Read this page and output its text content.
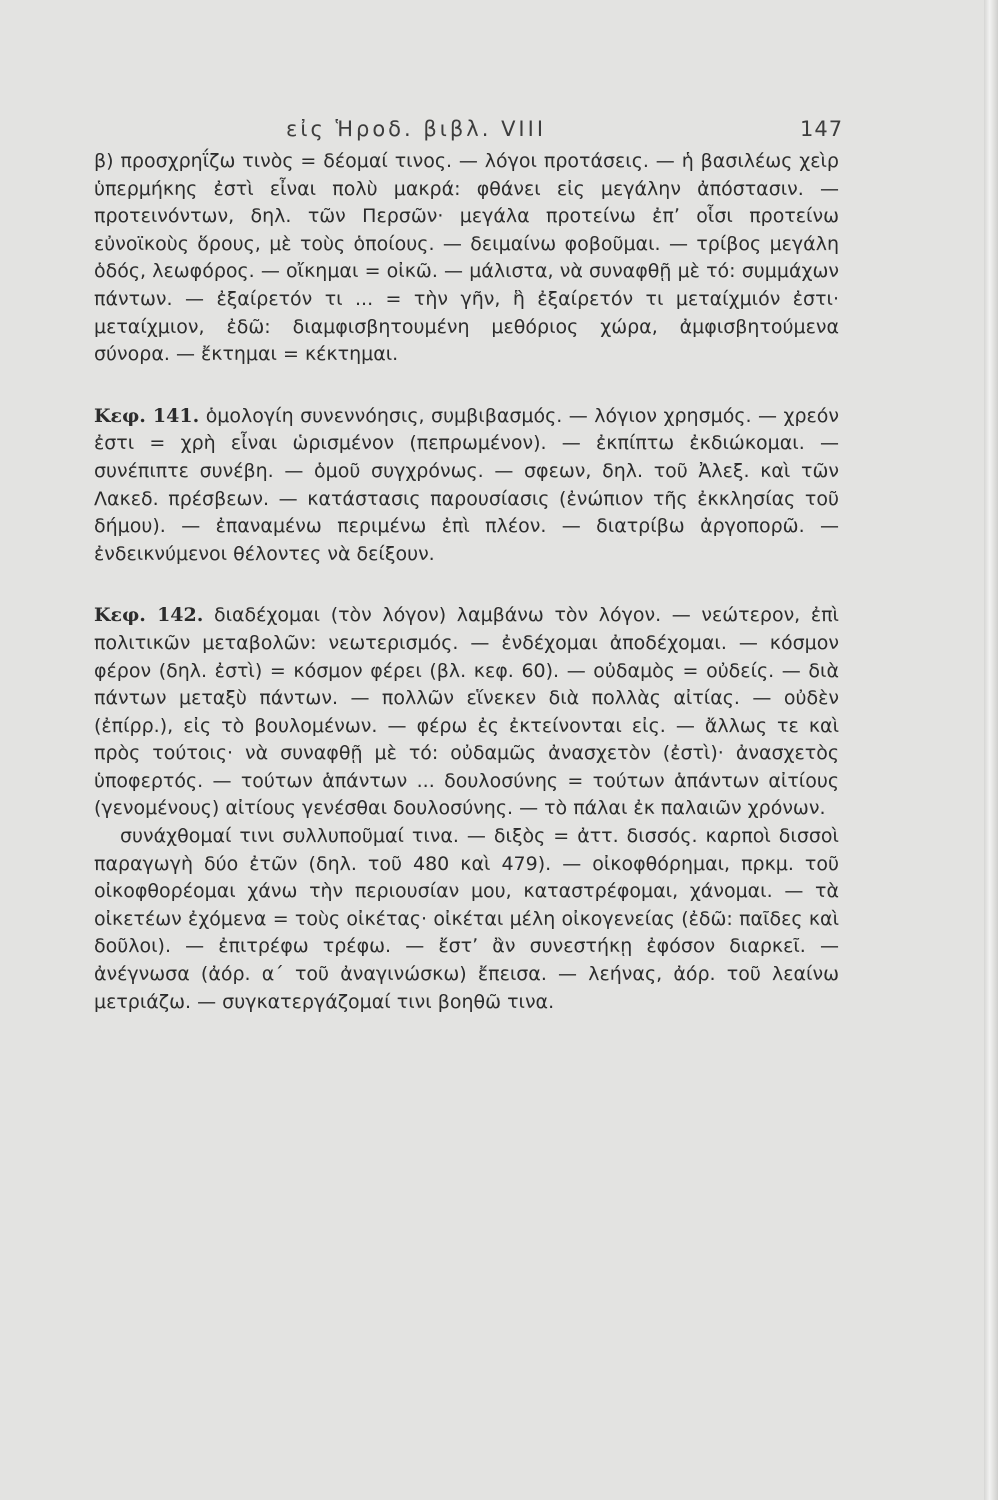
εἰς Ἡροδ. βιβλ. VIII	147

β) προσχρηΐζω τινὸς = δέομαί τινος. — λόγοι προτάσεις. — ἡ βασιλέως χεὶρ ὑπερμήκης ἐστὶ εἶναι πολὺ μακρά: φθάνει εἰς μεγάλην ἀπόστασιν. — προτεινόντων, δηλ. τῶν Περσῶν· μεγάλα προτείνω ἐπʼ οἷσι προτείνω εὐνοϊκοὺς ὅρους, μὲ τοὺς ὁποίους. — δειμαίνω φοβοῦμαι. — τρίβος μεγάλη ὁδός, λεωφόρος. — οἴκημαι = οἰκῶ. — μάλιστα, νὰ συναφθῇ μὲ τό: συμμάχων πάντων. — ἐξαίρετόν τι ... = τὴν γῆν, ἣ ἐξαίρετόν τι μεταίχμιόν ἐστι· μεταίχμιον, ἐδῶ: διαμφισβητουμένη μεθόριος χώρα, ἀμφισβητούμενα σύνορα. — ἔκτημαι = κέκτημαι.

Κεφ. 141. ὁμολογίη συνεννόησις, συμβιβασμός. — λόγιον χρησμός. — χρεόν ἐστι = χρὴ εἶναι ὡρισμένον (πεπρωμένον). — ἐκπίπτω ἐκδιώκομαι. — συνέπιπτε συνέβη. — ὁμοῦ συγχρόνως. — σφεων, δηλ. τοῦ Ἀλεξ. καὶ τῶν Λακεδ. πρέσβεων. — κατάστασις παρουσίασις (ἐνώπιον τῆς ἐκκλησίας τοῦ δήμου). — ἐπαναμένω περιμένω ἐπὶ πλέον. — διατρίβω ἀργοπορῶ. — ἐνδεικνύμενοι θέλοντες νὰ δείξουν.

Κεφ. 142. διαδέχομαι (τὸν λόγον) λαμβάνω τὸν λόγον. — νεώτερον, ἐπὶ πολιτικῶν μεταβολῶν: νεωτερισμός. — ἐνδέχομαι ἀποδέχομαι. — κόσμον φέρον (δηλ. ἐστὶ) = κόσμον φέρει (βλ. κεφ. 60). — οὐδαμὸς = οὐδείς. — διὰ πάντων μεταξὺ πάντων. — πολλῶν εἵνεκεν διὰ πολλὰς αἰτίας. — οὐδὲν (ἐπίρρ.), εἰς τὸ βουλομένων. — φέρω ἐς ἐκτείνονται εἰς. — ἄλλως τε καὶ πρὸς τούτοις· νὰ συναφθῇ μὲ τό: οὐδαμῶς ἀνασχετὸν (ἐστὶ)· ἀνασχετὸς ὑποφερτός. — τούτων ἁπάντων ... δουλοσύνης = τούτων ἁπάντων αἰτίους (γενομένους) αἰτίους γενέσθαι δουλοσύνης. — τὸ πάλαι ἐκ παλαιῶν χρόνων.

συνάχθομαί τινι συλλυποῦμαί τινα. — διξὸς = ἀττ. δισσός. καρποὶ δισσοὶ παραγωγὴ δύο ἐτῶν (δηλ. τοῦ 480 καὶ 479). — οἰκοφθόρημαι, πρκμ. τοῦ οἰκοφθορέομαι χάνω τὴν περιουσίαν μου, καταστρέφομαι, χάνομαι. — τὰ οἰκετέων ἐχόμενα = τοὺς οἰκέτας· οἰκέται μέλη οἰκογενείας (ἐδῶ: παῖδες καὶ δοῦλοι). — ἐπιτρέφω τρέφω. — ἔστʼ ἂν συνεστήκῃ ἐφόσον διαρκεῖ. — ἀνέγνωσα (ἀόρ. α΄ τοῦ ἀναγινώσκω) ἔπεισα. — λεήνας, ἀόρ. τοῦ λεαίνω μετριάζω. — συγκατεργάζομαί τινι βοηθῶ τινα.
